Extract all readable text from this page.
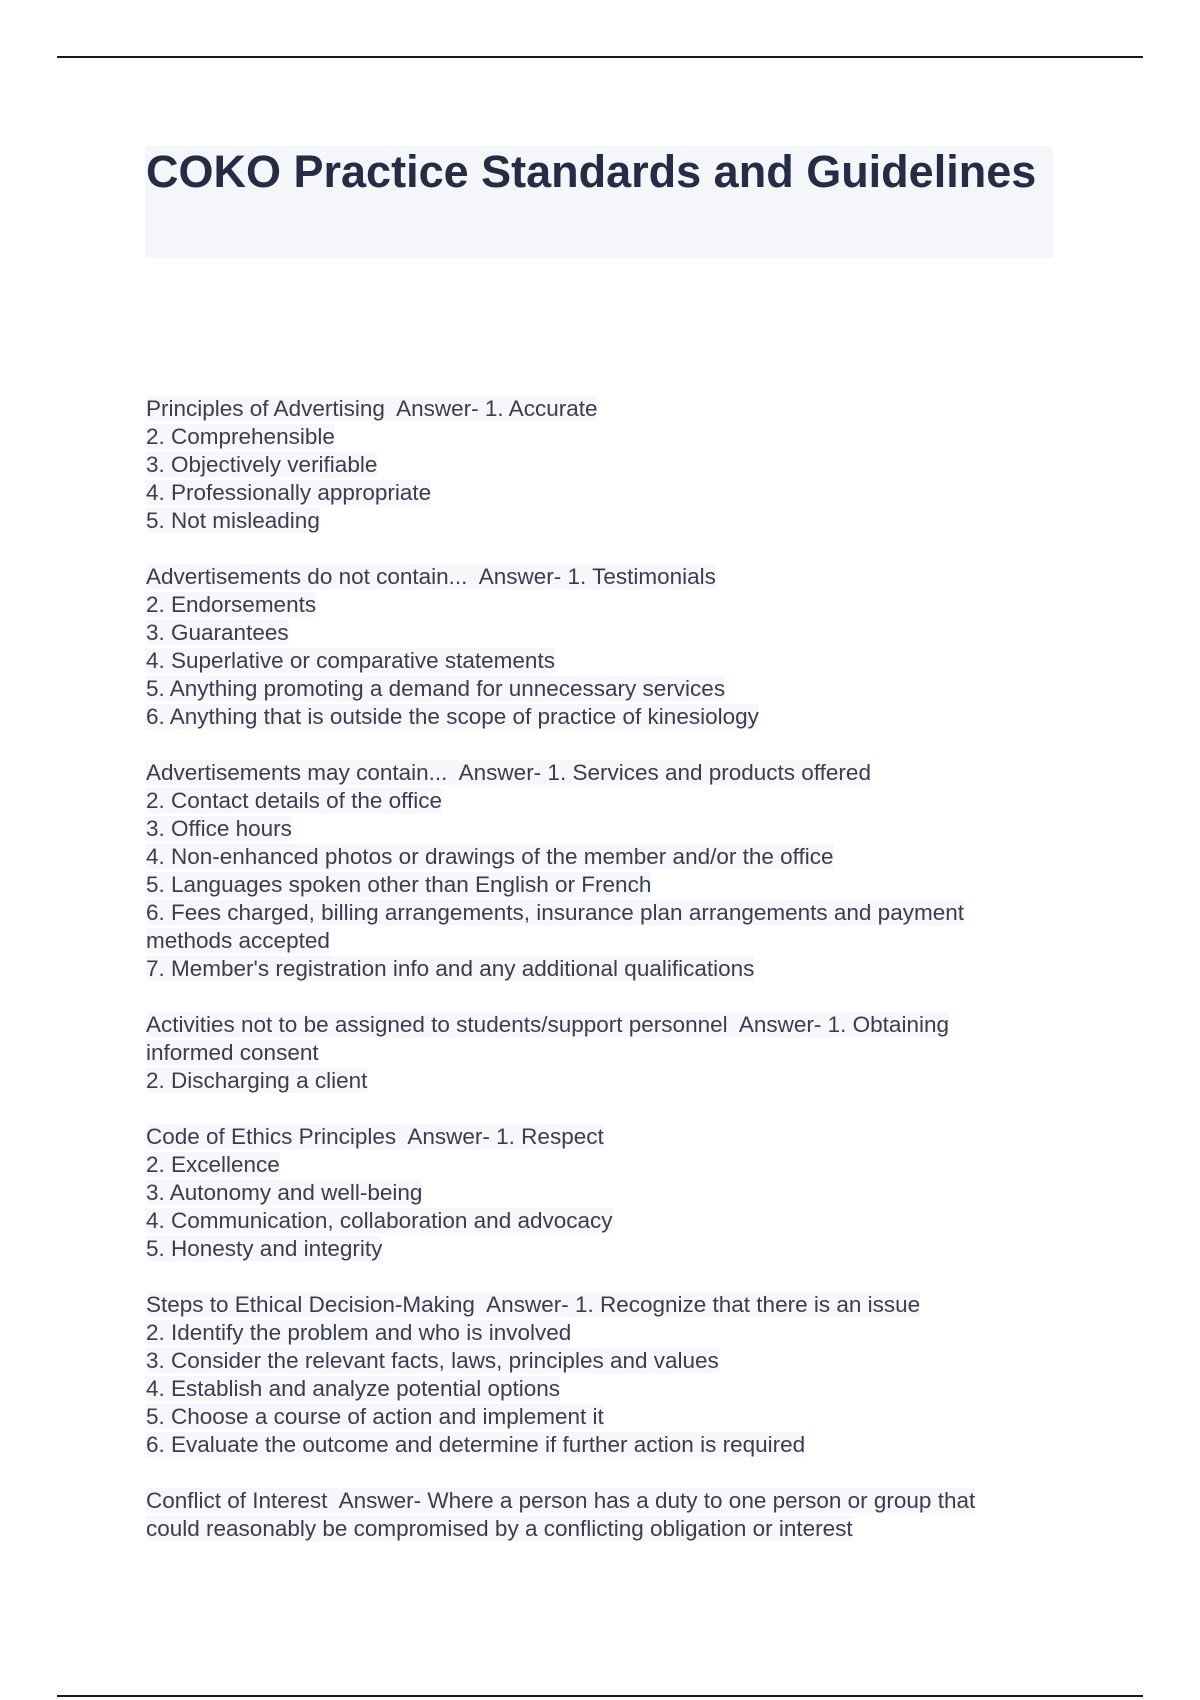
COKO Practice Standards and Guidelines
Principles of Advertising Answer- 1. Accurate
2. Comprehensible
3. Objectively verifiable
4. Professionally appropriate
5. Not misleading
Advertisements do not contain... Answer- 1. Testimonials
2. Endorsements
3. Guarantees
4. Superlative or comparative statements
5. Anything promoting a demand for unnecessary services
6. Anything that is outside the scope of practice of kinesiology
Advertisements may contain... Answer- 1. Services and products offered
2. Contact details of the office
3. Office hours
4. Non-enhanced photos or drawings of the member and/or the office
5. Languages spoken other than English or French
6. Fees charged, billing arrangements, insurance plan arrangements and payment
methods accepted
7. Member's registration info and any additional qualifications
Activities not to be assigned to students/support personnel Answer- 1. Obtaining
informed consent
2. Discharging a client
Code of Ethics Principles Answer- 1. Respect
2. Excellence
3. Autonomy and well-being
4. Communication, collaboration and advocacy
5. Honesty and integrity
Steps to Ethical Decision-Making Answer- 1. Recognize that there is an issue
2. Identify the problem and who is involved
3. Consider the relevant facts, laws, principles and values
4. Establish and analyze potential options
5. Choose a course of action and implement it
6. Evaluate the outcome and determine if further action is required
Conflict of Interest Answer- Where a person has a duty to one person or group that
could reasonably be compromised by a conflicting obligation or interest
